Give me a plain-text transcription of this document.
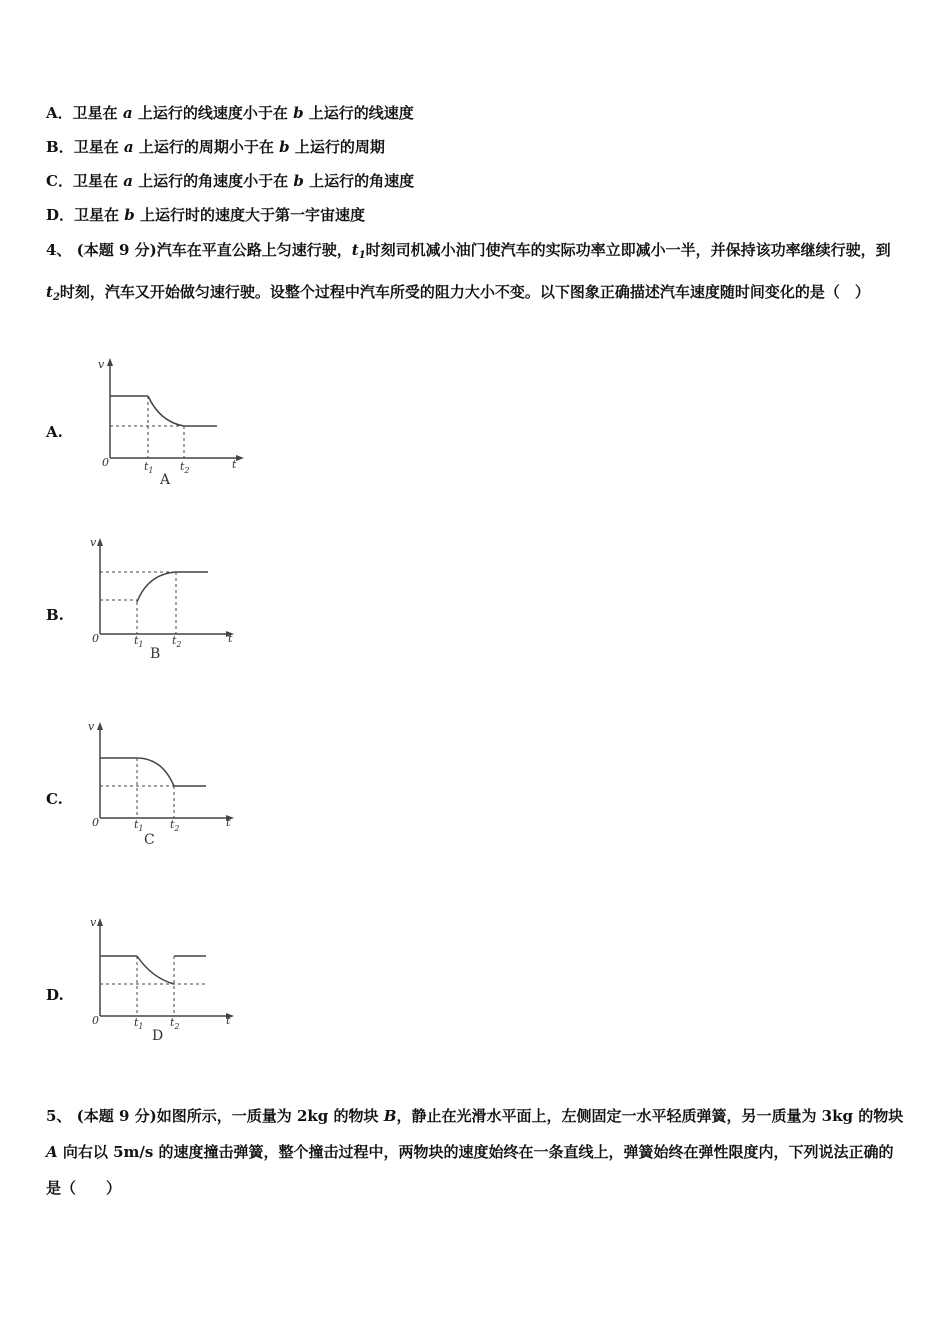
A．卫星在 a 上运行的线速度小于在 b 上运行的线速度
B．卫星在 a 上运行的周期小于在 b 上运行的周期
C．卫星在 a 上运行的角速度小于在 b 上运行的角速度
D．卫星在 b 上运行时的速度大于第一宇宙速度
4、 (本题 9 分)汽车在平直公路上匀速行驶，$t_1$时刻司机减小油门使汽车的实际功率立即减小一半，并保持该功率继续行驶，到 $t_2$时刻，汽车又开始做匀速行驶。设整个过程中汽车所受的阻力大小不变。以下图象正确描述汽车速度随时间变化的是（　）
A.
v
0	t
$t_1$ $t_2$
A
B.
v
0	t
$t_1$	$t_2$
B
C.
v
0	t
$t_1$ $t_2$
C
D.
v
0	t
$t_1$ $t_2$
D
5、 (本题 9 分)如图所示，一质量为 2kg 的物块 B，静止在光滑水平面上，左侧固定一水平轻质弹簧，另一质量为 3kg 的物块 A 向右以 5m/s 的速度撞击弹簧，整个撞击过程中，两物块的速度始终在一条直线上，弹簧始终在弹性限度内，下列说法正确的是（　　）
